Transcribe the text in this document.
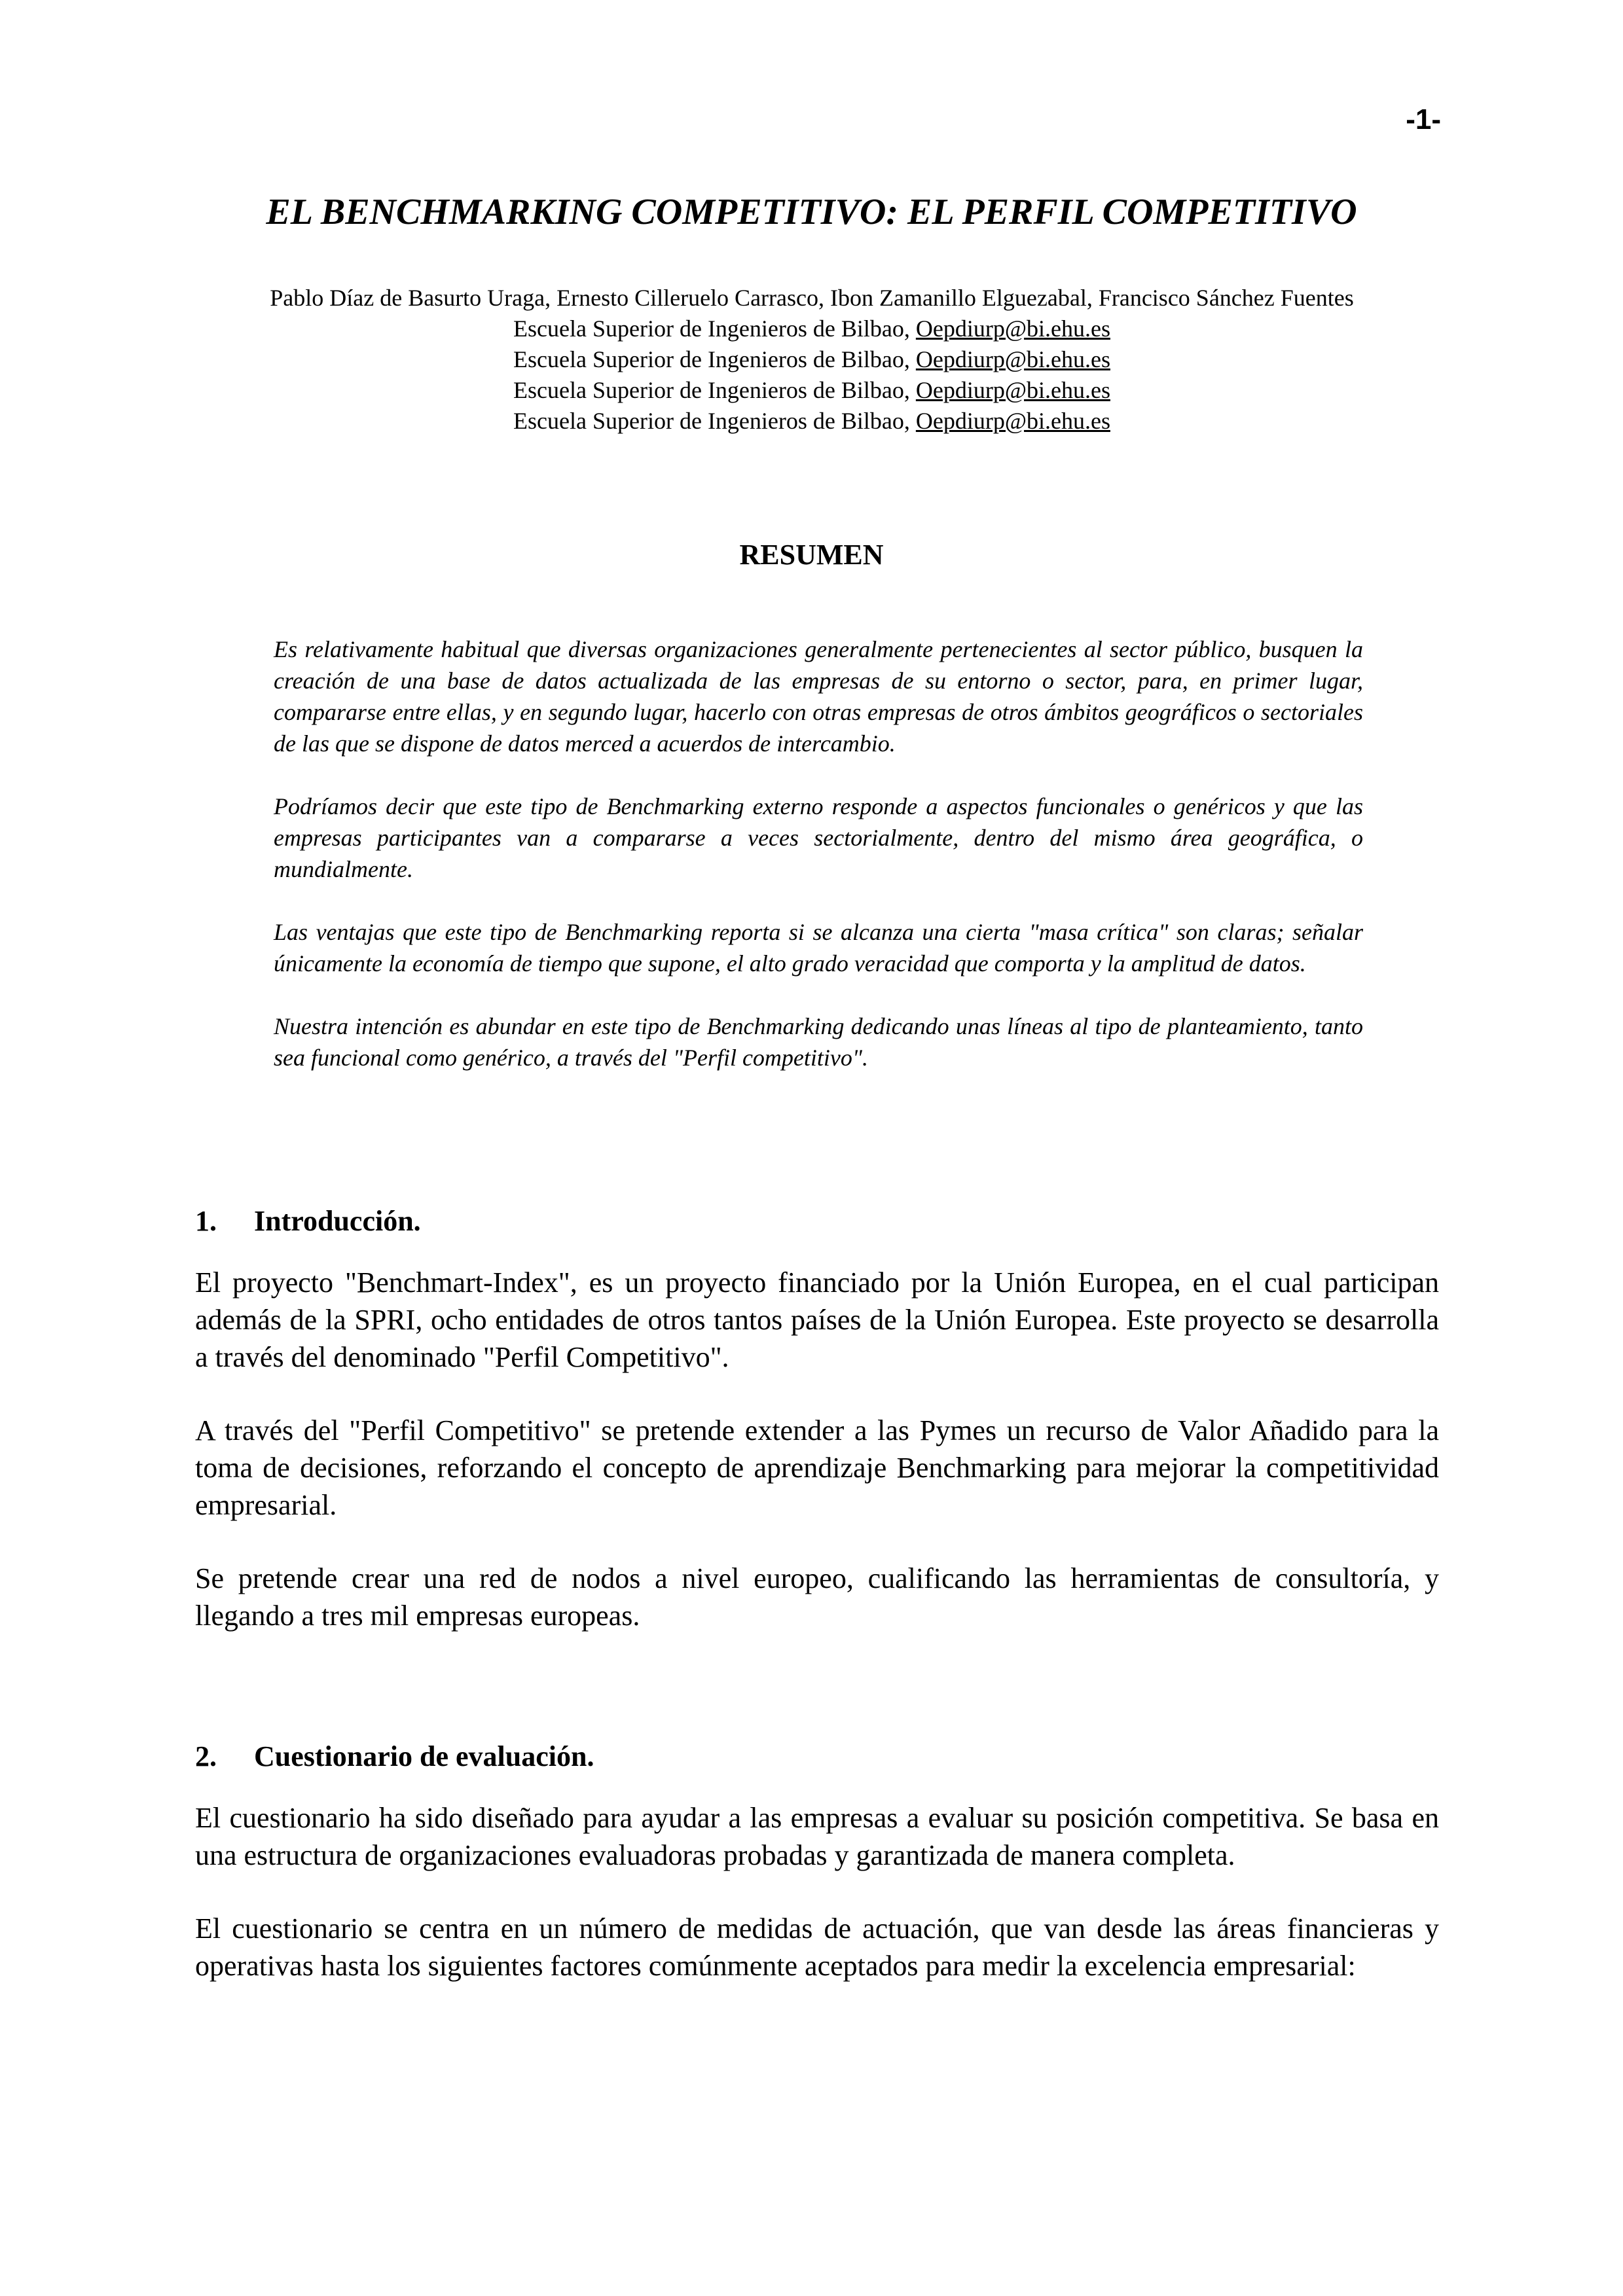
-1-
EL BENCHMARKING COMPETITIVO: EL PERFIL COMPETITIVO

Pablo Díaz de Basurto Uraga, Ernesto Cilleruelo Carrasco, Ibon Zamanillo Elguezabal, Francisco Sánchez Fuentes

Escuela Superior de Ingenieros de Bilbao, Oepdiurp@bi.ehu.es

Escuela Superior de Ingenieros de Bilbao, Oepdiurp@bi.ehu.es

Escuela Superior de Ingenieros de Bilbao, Oepdiurp@bi.ehu.es

Escuela Superior de Ingenieros de Bilbao, Oepdiurp@bi.ehu.es

RESUMEN

Es relativamente habitual que diversas organizaciones generalmente pertenecientes al sector público, busquen la creación de una base de datos actualizada de las empresas de su entorno o sector, para, en primer lugar, compararse entre ellas, y en segundo lugar, hacerlo con otras empresas de otros ámbitos geográficos o sectoriales de las que se dispone de datos merced a acuerdos de intercambio.

Podríamos decir que este tipo de Benchmarking externo responde a aspectos funcionales o genéricos y que las empresas participantes van a compararse a veces sectorialmente, dentro del mismo área geográfica, o mundialmente.

Las ventajas que este tipo de Benchmarking reporta si se alcanza una cierta "masa crítica" son claras; señalar únicamente la economía de tiempo que supone, el alto grado veracidad que comporta y la amplitud de datos.

Nuestra intención es abundar en este tipo de Benchmarking dedicando unas líneas al tipo de planteamiento, tanto sea funcional como genérico, a través del "Perfil competitivo".

1.	Introducción.

El proyecto "Benchmart-Index", es un proyecto financiado por la Unión Europea, en el cual participan además de la SPRI, ocho entidades de otros tantos países de la Unión Europea. Este proyecto se desarrolla a través del denominado "Perfil Competitivo".

A través del "Perfil Competitivo" se pretende extender a las Pymes un recurso de Valor Añadido para la toma de decisiones, reforzando el concepto de aprendizaje Benchmarking para mejorar la competitividad empresarial.

Se pretende crear una red de nodos a nivel europeo, cualificando las herramientas de consultoría, y llegando a tres mil empresas europeas.

2.	Cuestionario de evaluación.

El cuestionario ha sido diseñado para ayudar a las empresas a evaluar su posición competitiva. Se basa en una estructura de organizaciones evaluadoras probadas y garantizada de manera completa.

El cuestionario se centra en un número de medidas de actuación, que van desde las áreas financieras y operativas hasta los siguientes factores comúnmente aceptados para medir la excelencia empresarial:
